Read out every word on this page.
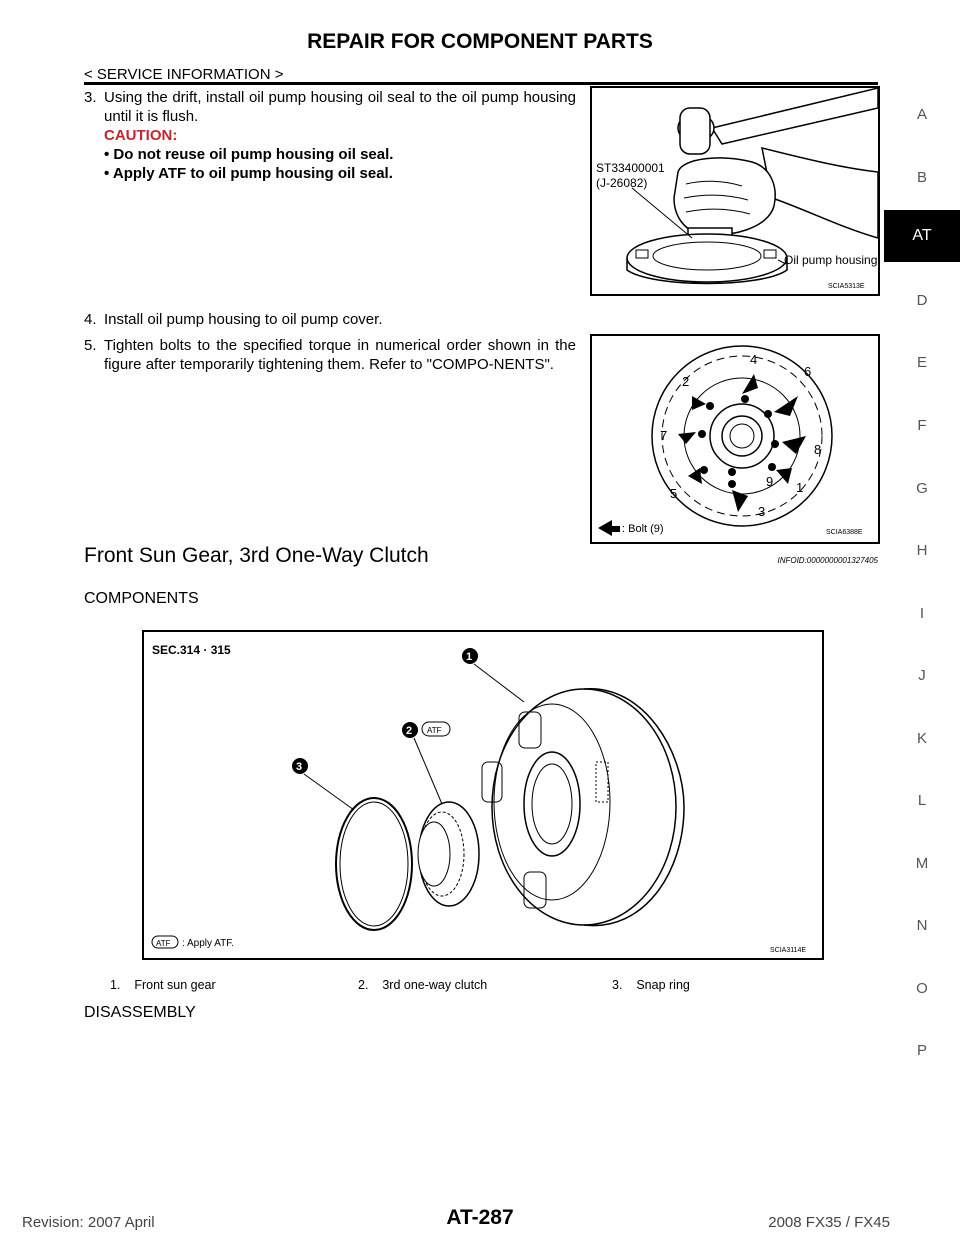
REPAIR FOR COMPONENT PARTS
< SERVICE INFORMATION >
A
B
AT
D
E
F
G
H
I
J
K
L
M
N
O
P
3. Using the drift, install oil pump housing oil seal to the oil pump housing until it is flush.
CAUTION:
• Do not reuse oil pump housing oil seal.
• Apply ATF to oil pump housing oil seal.	ST33400001
(J-26082)
Oil pump housing
SCIA5313E
4. Install oil pump housing to oil pump cover.
5. Tighten bolts to the specified torque in numerical order shown in the figure after temporarily tightening them. Refer to "COMPO-NENTS".	4
2
6
7
8
9 1
5
3
: Bolt (9)	SCIA6388E
Front Sun Gear, 3rd One-Way Clutch	INFOID:0000000001327405
COMPONENTS
SEC.314 · 315	1
2 ATF
3
ATF : Apply ATF.
SCIA3114E
1. Front sun gear	2. 3rd one-way clutch	3. Snap ring
DISASSEMBLY
Revision: 2007 April	AT-287	2008 FX35 / FX45
